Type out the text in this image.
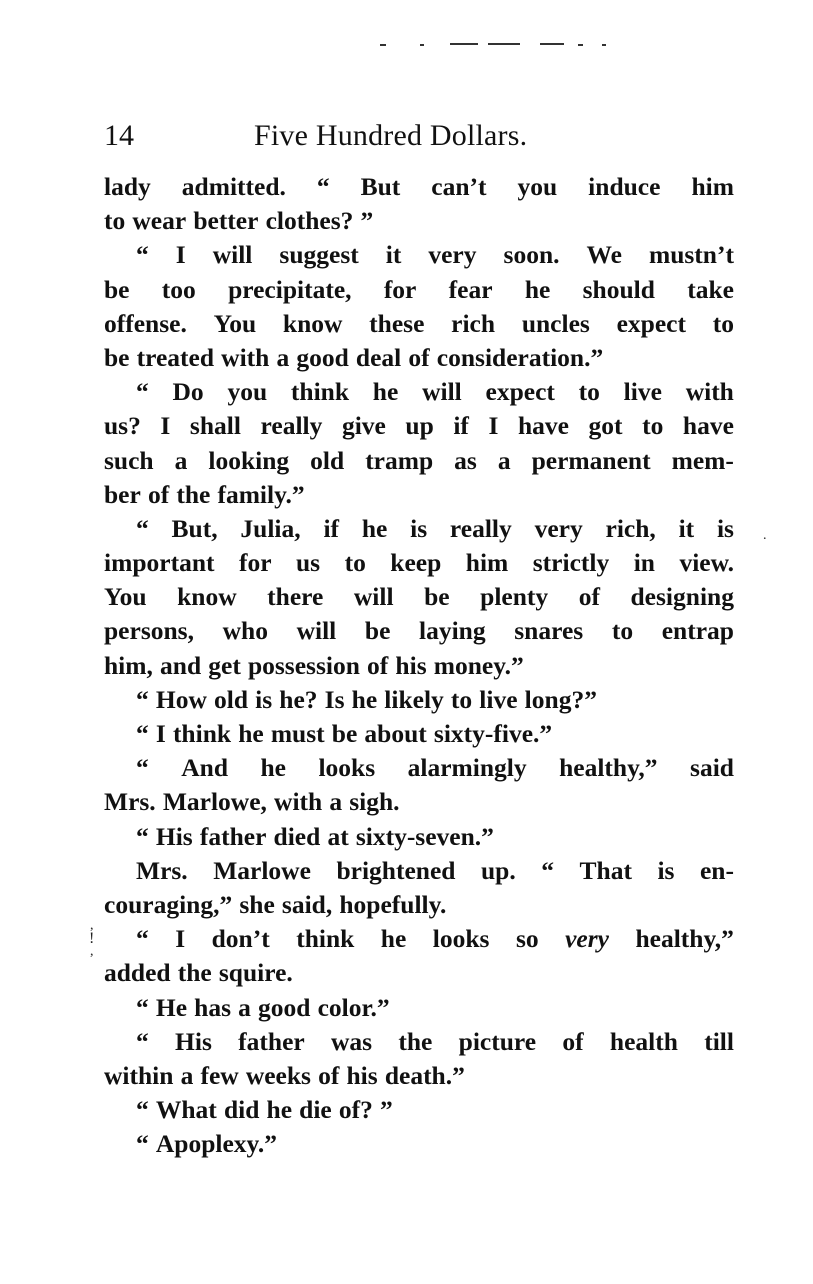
14	Five Hundred Dollars.
lady admitted. “ But can’t you induce him
to wear better clothes? ”
“ I will suggest it very soon. We mustn’t
be too precipitate, for fear he should take
offense. You know these rich uncles expect to
be treated with a good deal of consideration.”
“ Do you think he will expect to live with
us? I shall really give up if I have got to have
such a looking old tramp as a permanent mem-
ber of the family.”
“ But, Julia, if he is really very rich, it is
important for us to keep him strictly in view.
You know there will be plenty of designing
persons, who will be laying snares to entrap
him, and get possession of his money.”
“ How old is he? Is he likely to live long?”
“ I think he must be about sixty-five.”
“ And he looks alarmingly healthy,” said
Mrs. Marlowe, with a sigh.
“ His father died at sixty-seven.”
Mrs. Marlowe brightened up. “ That is en-
couraging,” she said, hopefully.
“ I don’t think he looks so very healthy,”
added the squire.
“ He has a good color.”
“ His father was the picture of health till
within a few weeks of his death.”
“ What did he die of? ”
“ Apoplexy.”
,
!
,
.
